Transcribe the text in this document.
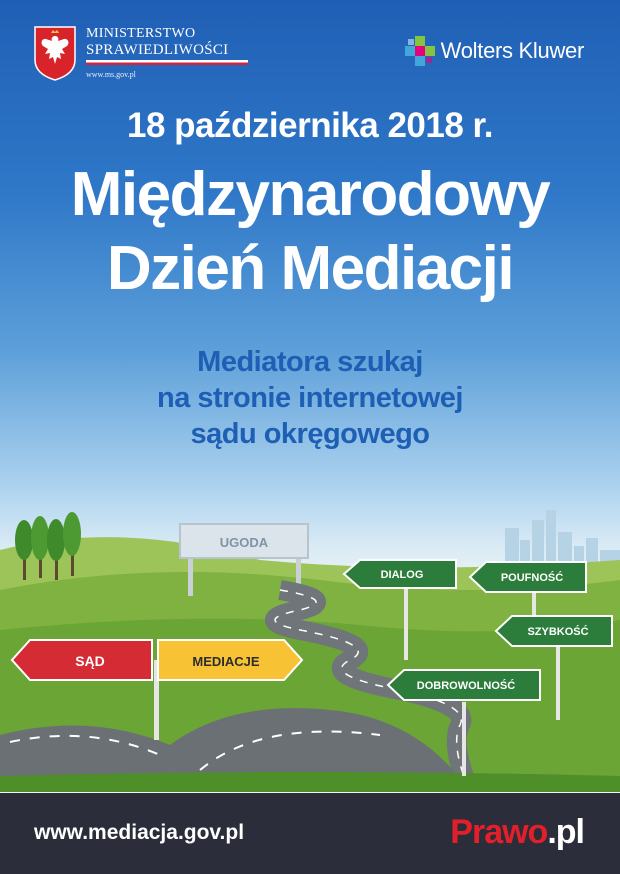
MINISTERSTWO
SPRAWIEDLIWOŚCI
www.ms.gov.pl
Wolters Kluwer
18 października 2018 r.
Międzynarodowy
Dzień Mediacji
Mediatora szukaj
na stronie internetowej
sądu okręgowego
UGODA
SĄD	MEDIACJE
DIALOG	POUFNOŚĆ
SZYBKOŚĆ
DOBROWOLNOŚĆ
www.mediacja.gov.pl	Prawo.pl
